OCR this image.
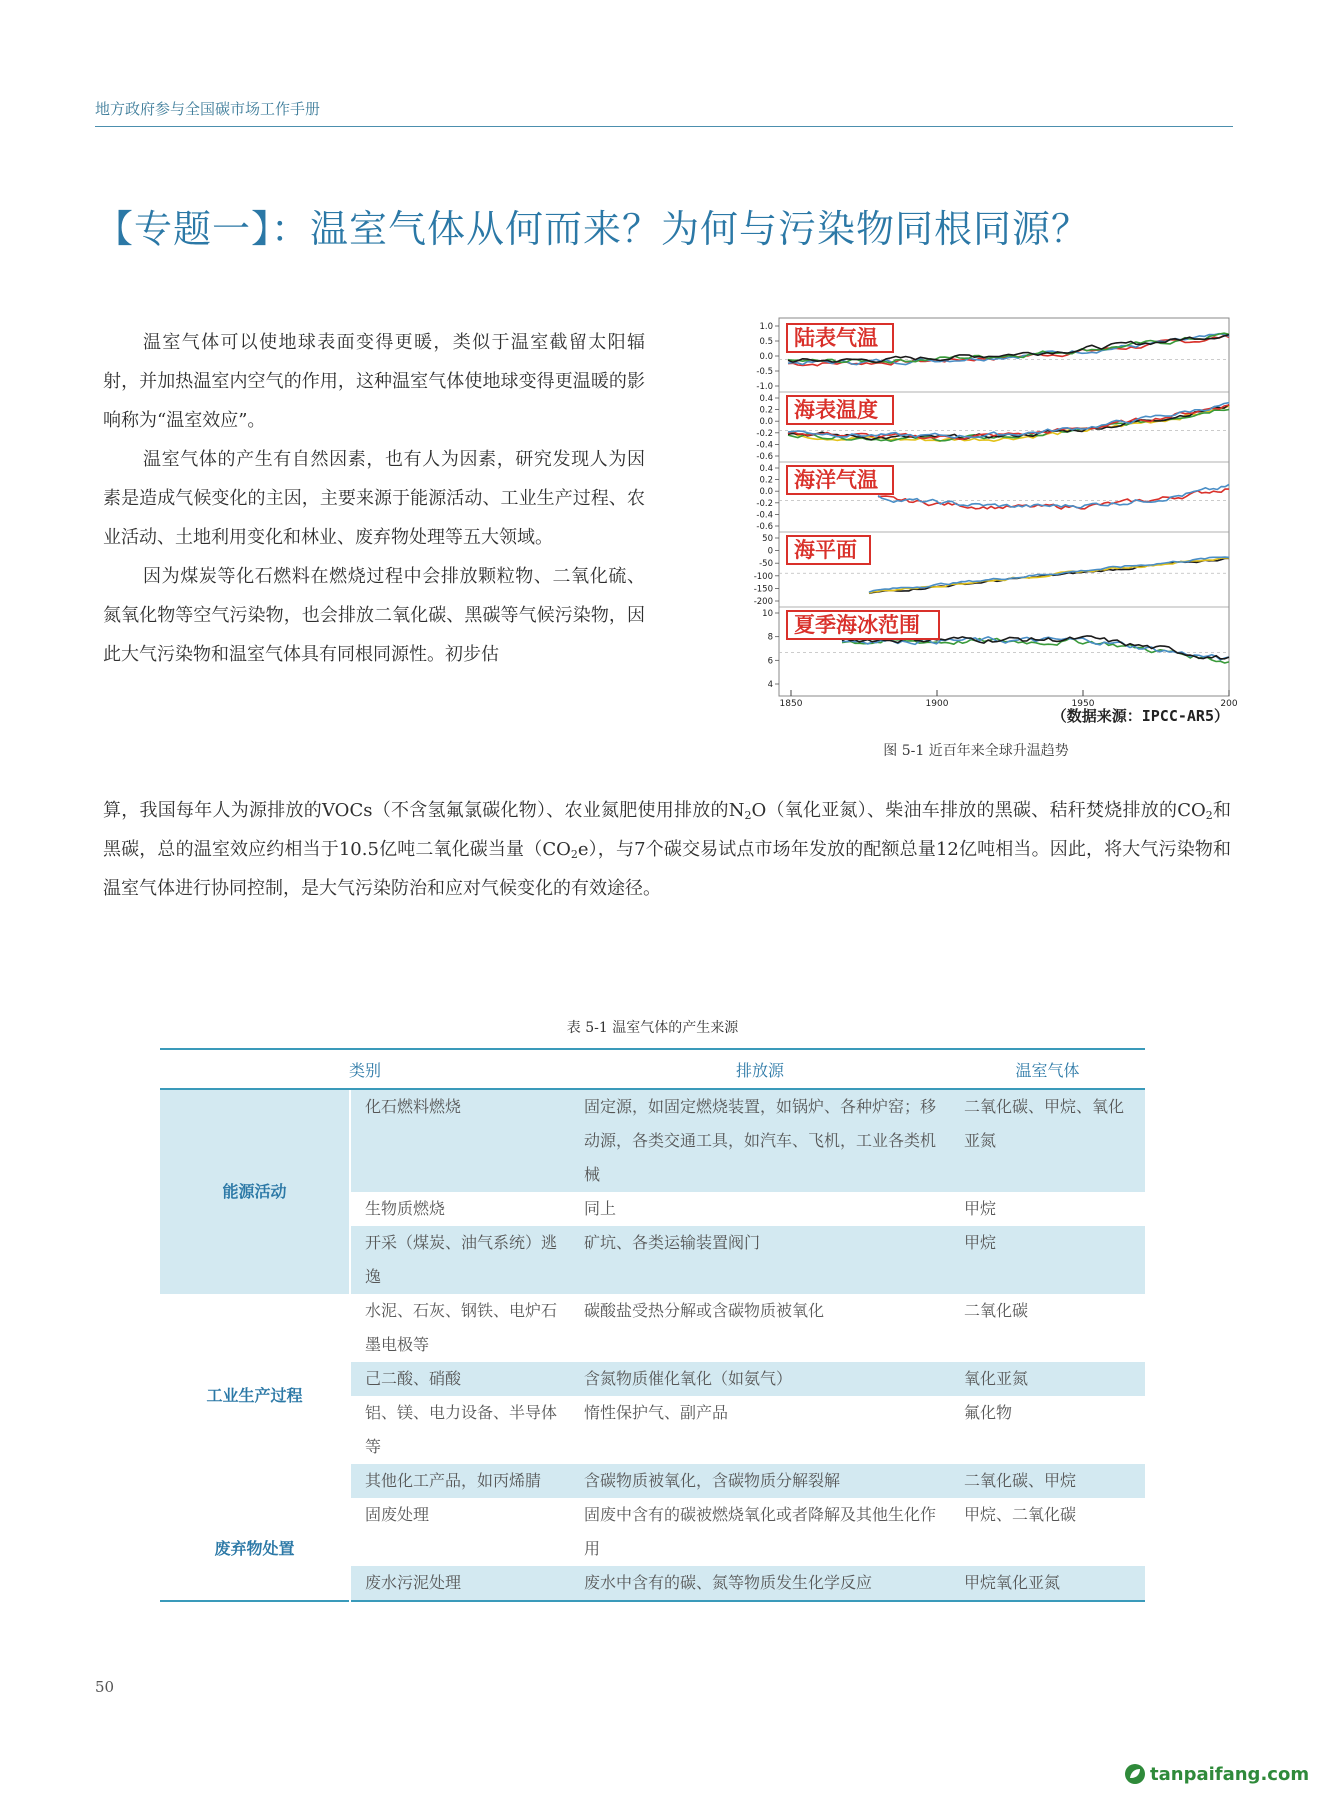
地方政府参与全国碳市场工作手册
【专题一】：温室气体从何而来？为何与污染物同根同源？

温室气体可以使地球表面变得更暖，类似于温室截留太阳辐射，并加热温室内空气的作用，这种温室气体使地球变得更温暖的影响称为“温室效应”。

温室气体的产生有自然因素，也有人为因素，研究发现人为因素是造成气候变化的主因，主要来源于能源活动、工业生产过程、农业活动、土地利用变化和林业、废弃物处理等五大领域。

因为煤炭等化石燃料在燃烧过程中会排放颗粒物、二氧化硫、氮氧化物等空气污染物，也会排放二氧化碳、黑碳等气候污染物，因此大气污染物和温室气体具有同根同源性。初步估

1.0
0.5
0.0
-0.5
-1.0
陆表气温
0.4
0.2
0.0
-0.2
-0.4
-0.6
海表温度
0.4
0.2
0.0
-0.2
-0.4
-0.6
海洋气温
50
0
-50
-100
-150
-200
海平面
10
8
6
4
夏季海冰范围
1850	1900	1950	200
（数据来源：IPCC-AR5）
图 5-1 近百年来全球升温趋势
算，我国每年人为源排放的VOCs（不含氢氟氯碳化物）、农业氮肥使用排放的$N_2O$（氧化亚氮）、柴油车排放的黑碳、秸秆焚烧排放的$CO_2$和黑碳，总的温室效应约相当于10.5亿吨二氧化碳当量$(CO_2e)$，与7个碳交易试点市场年发放的配额总量12亿吨相当。因此，将大气污染物和温室气体进行协同控制，是大气污染防治和应对气候变化的有效途径。
表 5-1 温室气体的产生来源
类别		排放源	温室气体
能源活动	化石燃料燃烧	固定源，如固定燃烧装置，如锅炉、各种炉窑；移动源，各类交通工具，如汽车、飞机，工业各类机械	二氧化碳、甲烷、氧化亚氮
	生物质燃烧	同上	甲烷
	开采（煤炭、油气系统）逃逸	矿坑、各类运输装置阀门	甲烷
工业生产过程	水泥、石灰、钢铁、电炉石墨电极等	碳酸盐受热分解或含碳物质被氧化	二氧化碳
	己二酸、硝酸	含氮物质催化氧化（如氨气）	氧化亚氮
	铝、镁、电力设备、半导体等	惰性保护气、副产品	氟化物
	其他化工产品，如丙烯腈	含碳物质被氧化，含碳物质分解裂解	二氧化碳、甲烷
废弃物处置	固废处理	固废中含有的碳被燃烧氧化或者降解及其他生化作用	甲烷、二氧化碳
	废水污泥处理	废水中含有的碳、氮等物质发生化学反应	甲烷氧化亚氮
50
tanpaifang.com
